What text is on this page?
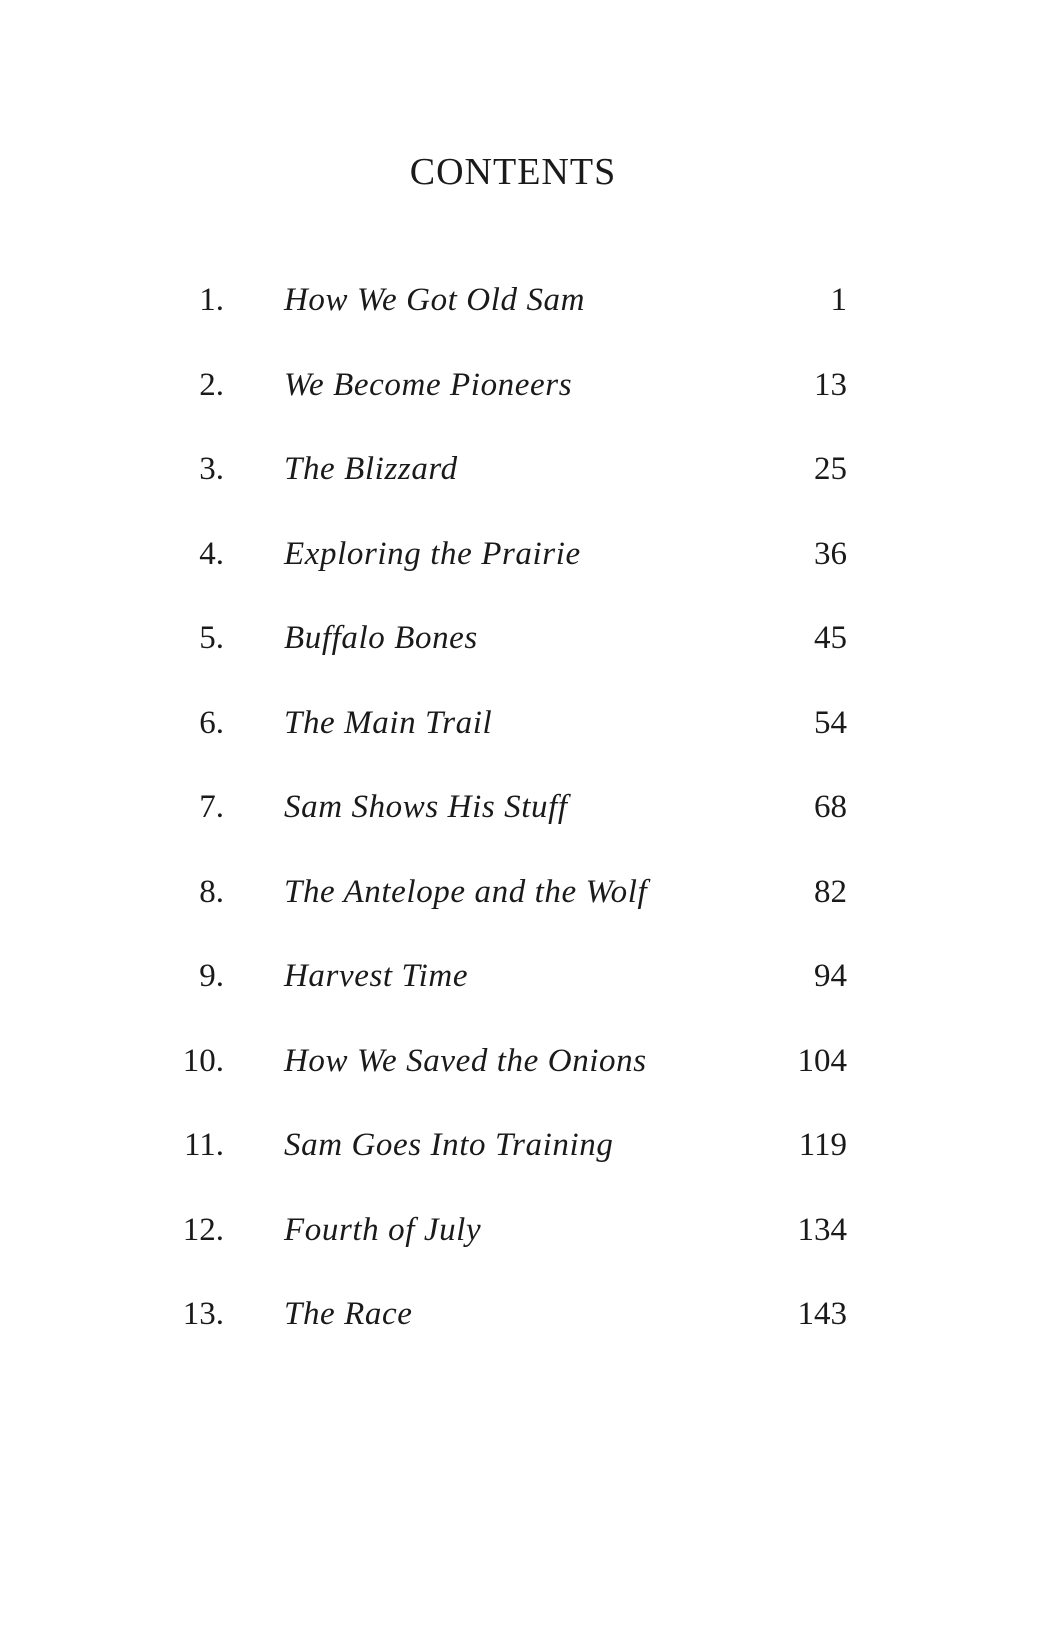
CONTENTS
1. How We Got Old Sam	1
2. We Become Pioneers	13
3. The Blizzard	25
4. Exploring the Prairie	36
5. Buffalo Bones	45
6. The Main Trail	54
7. Sam Shows His Stuff	68
8. The Antelope and the Wolf	82
9. Harvest Time	94
10. How We Saved the Onions	104
11. Sam Goes Into Training	119
12. Fourth of July	134
13. The Race	143
